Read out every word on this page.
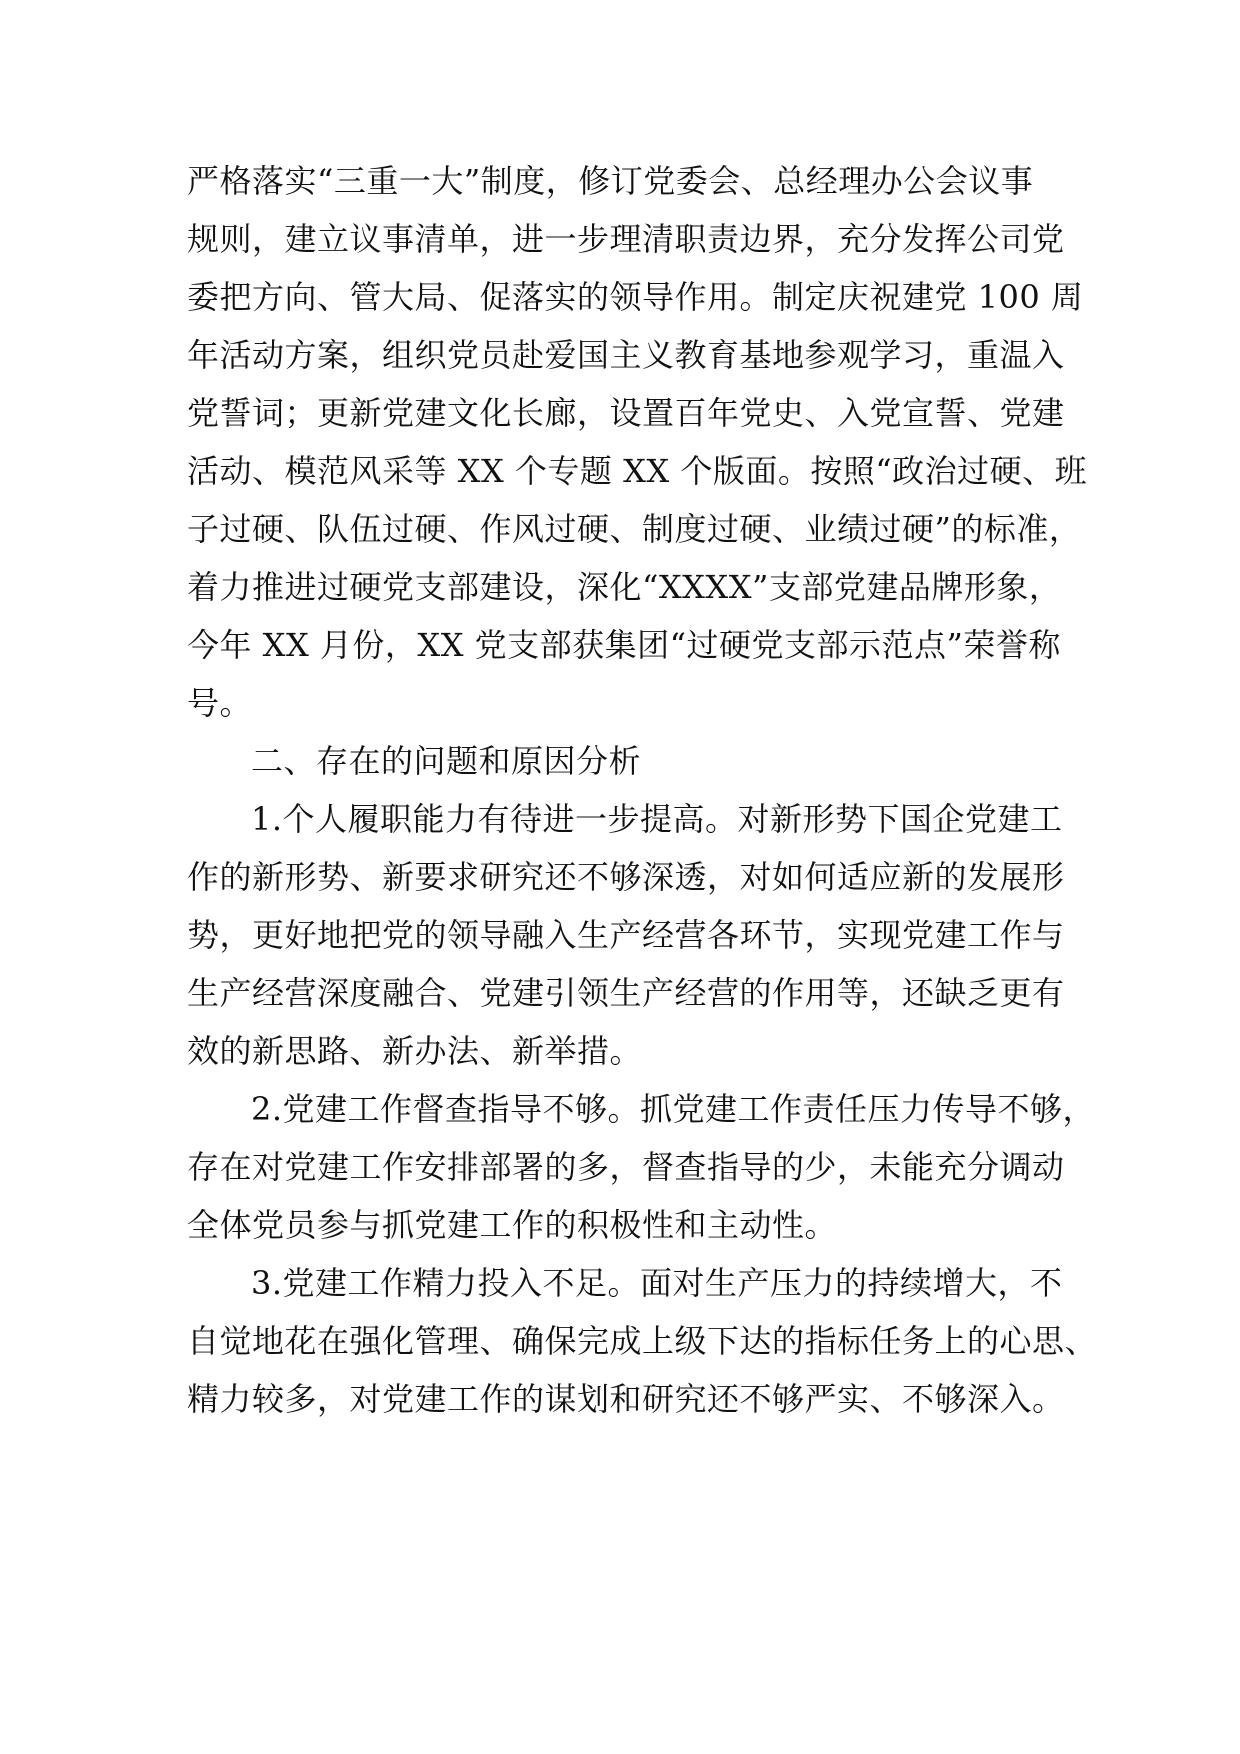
严格落实“三重一大”制度，修订党委会、总经理办公会议事
规则，建立议事清单，进一步理清职责边界，充分发挥公司党
委把方向、管大局、促落实的领导作用。制定庆祝建党 100 周
年活动方案，组织党员赴爱国主义教育基地参观学习，重温入
党誓词；更新党建文化长廊，设置百年党史、入党宣誓、党建
活动、模范风采等 XX 个专题 XX 个版面。按照“政治过硬、班
子过硬、队伍过硬、作风过硬、制度过硬、业绩过硬”的标准，
着力推进过硬党支部建设，深化“XXXX”支部党建品牌形象，
今年 XX 月份，XX 党支部获集团“过硬党支部示范点”荣誉称
号。
二、存在的问题和原因分析
1.个人履职能力有待进一步提高。对新形势下国企党建工
作的新形势、新要求研究还不够深透，对如何适应新的发展形
势，更好地把党的领导融入生产经营各环节，实现党建工作与
生产经营深度融合、党建引领生产经营的作用等，还缺乏更有
效的新思路、新办法、新举措。
2.党建工作督查指导不够。抓党建工作责任压力传导不够，
存在对党建工作安排部署的多，督查指导的少，未能充分调动
全体党员参与抓党建工作的积极性和主动性。
3.党建工作精力投入不足。面对生产压力的持续增大，不
自觉地花在强化管理、确保完成上级下达的指标任务上的心思、
精力较多，对党建工作的谋划和研究还不够严实、不够深入。
